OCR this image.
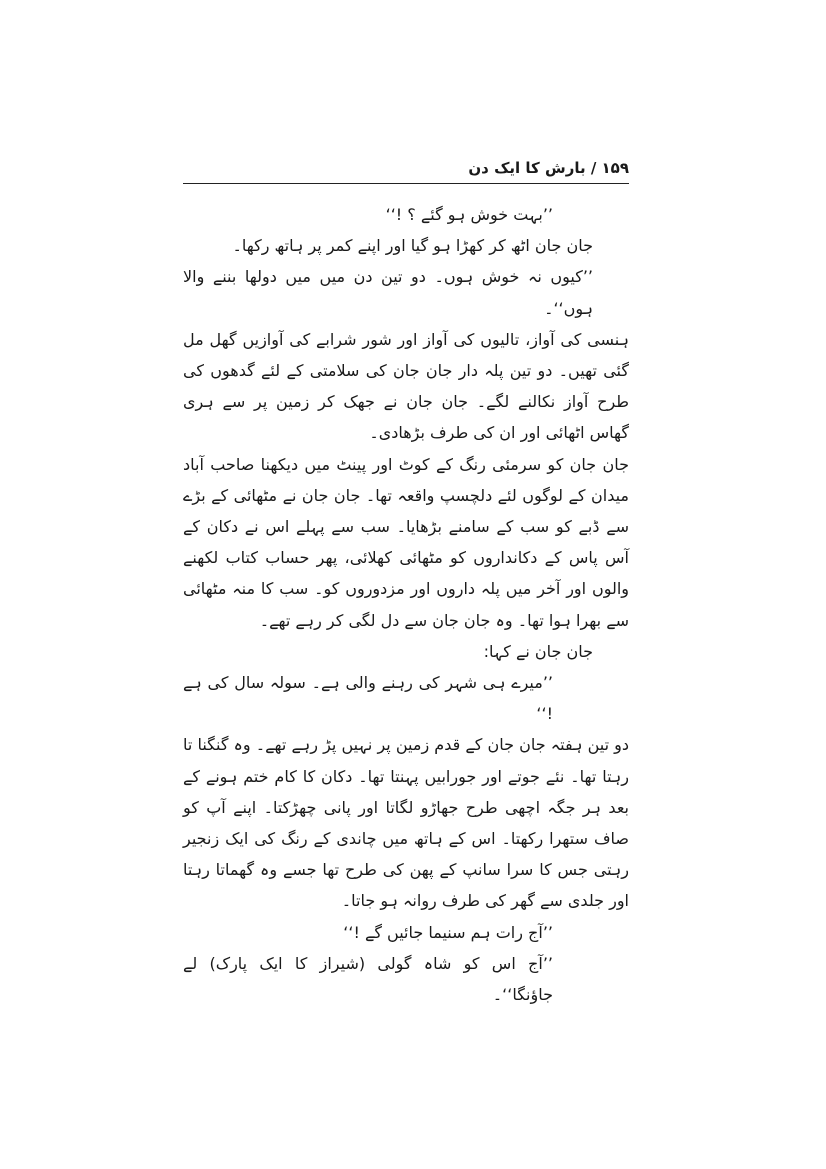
۱۵۹ / بارش کا ایک دن

’’بہت خوش ہو گئے ؟ !‘‘

جان جان اٹھ کر کھڑا ہو گیا اور اپنے کمر پر ہاتھ رکھا۔

’’کیوں نہ خوش ہوں۔ دو تین دن میں میں دولھا بننے والا ہوں‘‘۔

ہنسی کی آواز، تالیوں کی آواز اور شور شرابے کی آوازیں گھل مل گئی تھیں۔ دو تین پلہ دار جان جان کی سلامتی کے لئے گدھوں کی طرح آواز نکالنے لگے۔ جان جان نے جھک کر زمین پر سے ہری گھاس اٹھائی اور ان کی طرف بڑھادی۔

جان جان کو سرمئی رنگ کے کوٹ اور پینٹ میں دیکھنا صاحب آباد میدان کے لوگوں لئے دلچسپ واقعہ تھا۔ جان جان نے مٹھائی کے بڑے سے ڈبے کو سب کے سامنے بڑھایا۔ سب سے پہلے اس نے دکان کے آس پاس کے دکانداروں کو مٹھائی کھلائی، پھر حساب کتاب لکھنے والوں اور آخر میں پلہ داروں اور مزدوروں کو۔ سب کا منہ مٹھائی سے بھرا ہوا تھا۔ وہ جان جان سے دل لگی کر رہے تھے۔

جان جان نے کہا:

’’میرے ہی شہر کی رہنے والی ہے۔ سولہ سال کی ہے !‘‘

دو تین ہفتہ جان جان کے قدم زمین پر نہیں پڑ رہے تھے۔ وہ گنگنا تا رہتا تھا۔ نئے جوتے اور جورابیں پہنتا تھا۔ دکان کا کام ختم ہونے کے بعد ہر جگہ اچھی طرح جھاڑو لگاتا اور پانی چھڑکتا۔ اپنے آپ کو صاف ستھرا رکھتا۔ اس کے ہاتھ میں چاندی کے رنگ کی ایک زنجیر رہتی جس کا سرا سانپ کے پھن کی طرح تھا جسے وہ گھماتا رہتا اور جلدی سے گھر کی طرف روانہ ہو جاتا۔

’’آج رات ہم سنیما جائیں گے !‘‘

’’آج اس کو شاہ گولی (شیراز کا ایک پارک) لے جاؤنگا‘‘۔
